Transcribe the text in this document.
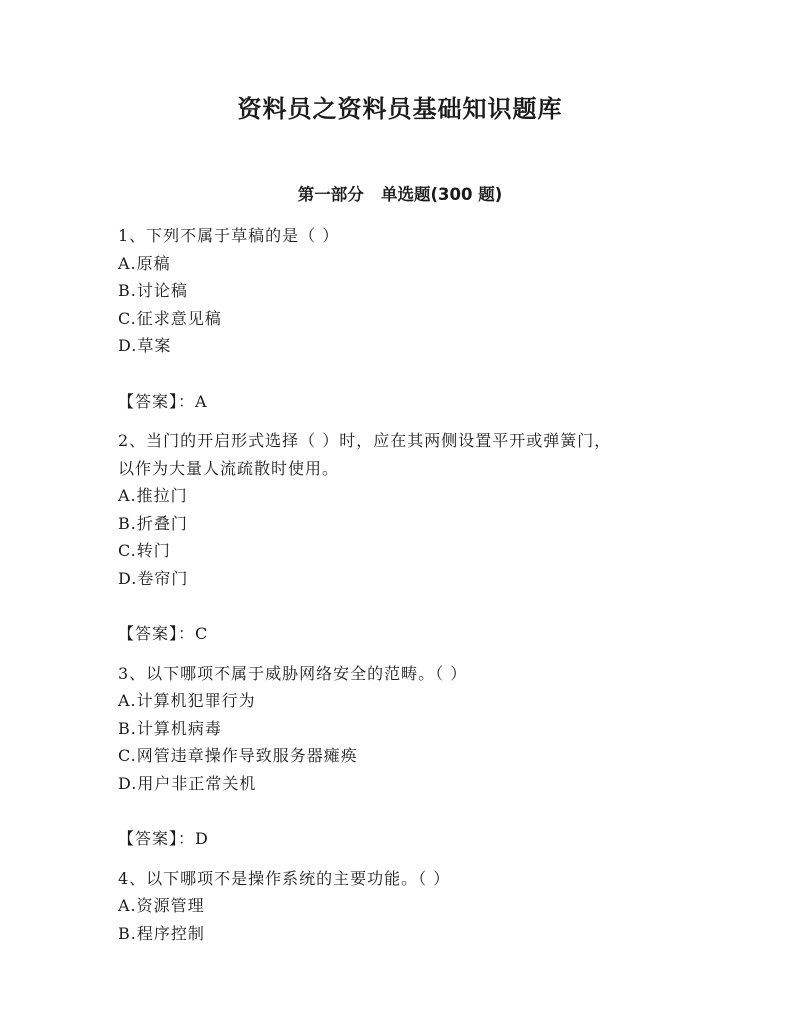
资料员之资料员基础知识题库
第一部分   单选题(300 题)
1、下列不属于草稿的是（ ）
A.原稿
B.讨论稿
C.征求意见稿
D.草案
【答案】：A
2、当门的开启形式选择（ ）时，应在其两侧设置平开或弹簧门，
以作为大量人流疏散时使用。
A.推拉门
B.折叠门
C.转门
D.卷帘门
【答案】：C
3、以下哪项不属于威胁网络安全的范畴。（ ）
A.计算机犯罪行为
B.计算机病毒
C.网管违章操作导致服务器瘫痪
D.用户非正常关机
【答案】：D
4、以下哪项不是操作系统的主要功能。（ ）
A.资源管理
B.程序控制
